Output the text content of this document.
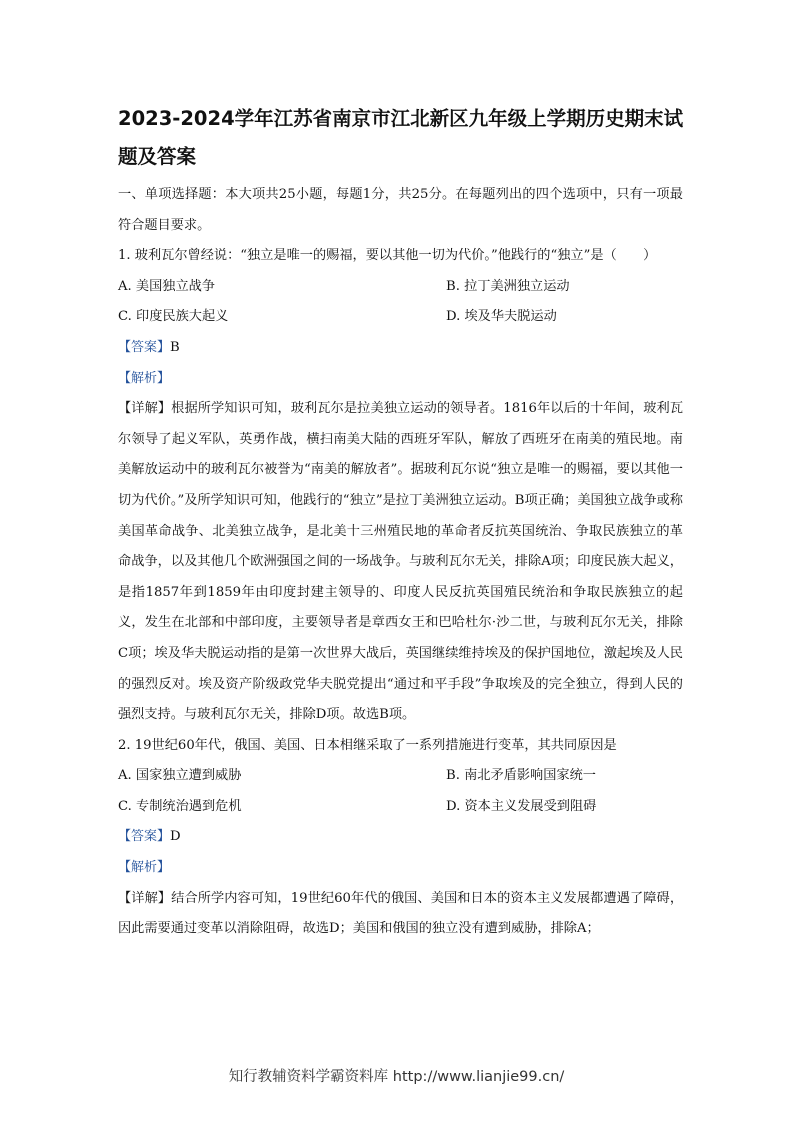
2023-2024学年江苏省南京市江北新区九年级上学期历史期末试题及答案

一、单项选择题：本大项共25小题，每题1分，共25分。在每题列出的四个选项中，只有一项最符合题目要求。

1. 玻利瓦尔曾经说：“独立是唯一的赐福，要以其他一切为代价。”他践行的“独立”是（　　）

A. 美国独立战争	B. 拉丁美洲独立运动
C. 印度民族大起义	D. 埃及华夫脱运动

【答案】B

【解析】

【详解】根据所学知识可知，玻利瓦尔是拉美独立运动的领导者。1816年以后的十年间，玻利瓦尔领导了起义军队，英勇作战，横扫南美大陆的西班牙军队，解放了西班牙在南美的殖民地。南美解放运动中的玻利瓦尔被誉为“南美的解放者”。据玻利瓦尔说“独立是唯一的赐福，要以其他一切为代价。”及所学知识可知，他践行的“独立”是拉丁美洲独立运动。B项正确；美国独立战争或称美国革命战争、北美独立战争，是北美十三州殖民地的革命者反抗英国统治、争取民族独立的革命战争，以及其他几个欧洲强国之间的一场战争。与玻利瓦尔无关，排除A项；印度民族大起义，是指1857年到1859年由印度封建主领导的、印度人民反抗英国殖民统治和争取民族独立的起义，发生在北部和中部印度，主要领导者是章西女王和巴哈杜尔·沙二世，与玻利瓦尔无关，排除C项；埃及华夫脱运动指的是第一次世界大战后，英国继续维持埃及的保护国地位，激起埃及人民的强烈反对。埃及资产阶级政党华夫脱党提出“通过和平手段”争取埃及的完全独立，得到人民的强烈支持。与玻利瓦尔无关，排除D项。故选B项。

2. 19世纪60年代，俄国、美国、日本相继采取了一系列措施进行变革，其共同原因是

A. 国家独立遭到威胁	B. 南北矛盾影响国家统一
C. 专制统治遇到危机	D. 资本主义发展受到阻碍

【答案】D

【解析】

【详解】结合所学内容可知，19世纪60年代的俄国、美国和日本的资本主义发展都遭遇了障碍，因此需要通过变革以消除阻碍，故选D；美国和俄国的独立没有遭到威胁，排除A；

知行教辅资料学霸资料库 http://www.lianjie99.cn/
